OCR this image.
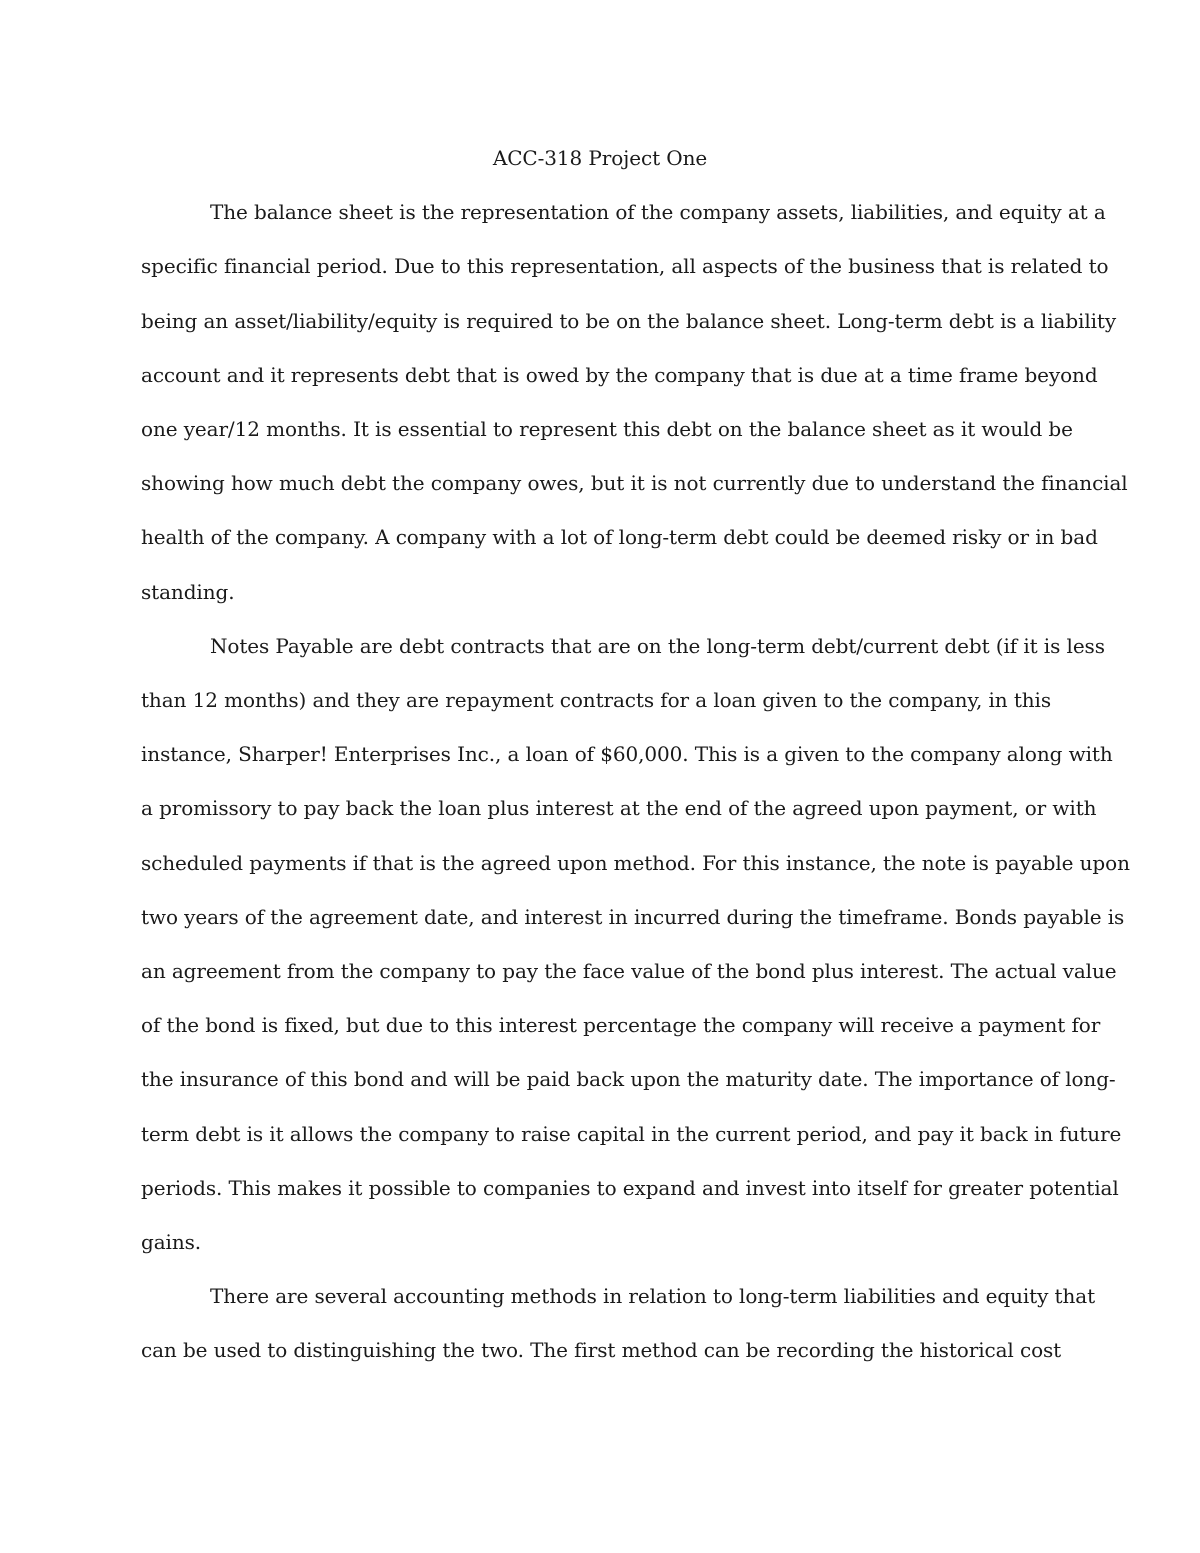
ACC-318 Project One
The balance sheet is the representation of the company assets, liabilities, and equity at a
specific financial period. Due to this representation, all aspects of the business that is related to
being an asset/liability/equity is required to be on the balance sheet. Long-term debt is a liability
account and it represents debt that is owed by the company that is due at a time frame beyond
one year/12 months. It is essential to represent this debt on the balance sheet as it would be
showing how much debt the company owes, but it is not currently due to understand the financial
health of the company. A company with a lot of long-term debt could be deemed risky or in bad
standing.
Notes Payable are debt contracts that are on the long-term debt/current debt (if it is less
than 12 months) and they are repayment contracts for a loan given to the company, in this
instance, Sharper! Enterprises Inc., a loan of $60,000. This is a given to the company along with
a promissory to pay back the loan plus interest at the end of the agreed upon payment, or with
scheduled payments if that is the agreed upon method. For this instance, the note is payable upon
two years of the agreement date, and interest in incurred during the timeframe. Bonds payable is
an agreement from the company to pay the face value of the bond plus interest. The actual value
of the bond is fixed, but due to this interest percentage the company will receive a payment for
the insurance of this bond and will be paid back upon the maturity date. The importance of long-
term debt is it allows the company to raise capital in the current period, and pay it back in future
periods. This makes it possible to companies to expand and invest into itself for greater potential
gains.
There are several accounting methods in relation to long-term liabilities and equity that
can be used to distinguishing the two. The first method can be recording the historical cost
